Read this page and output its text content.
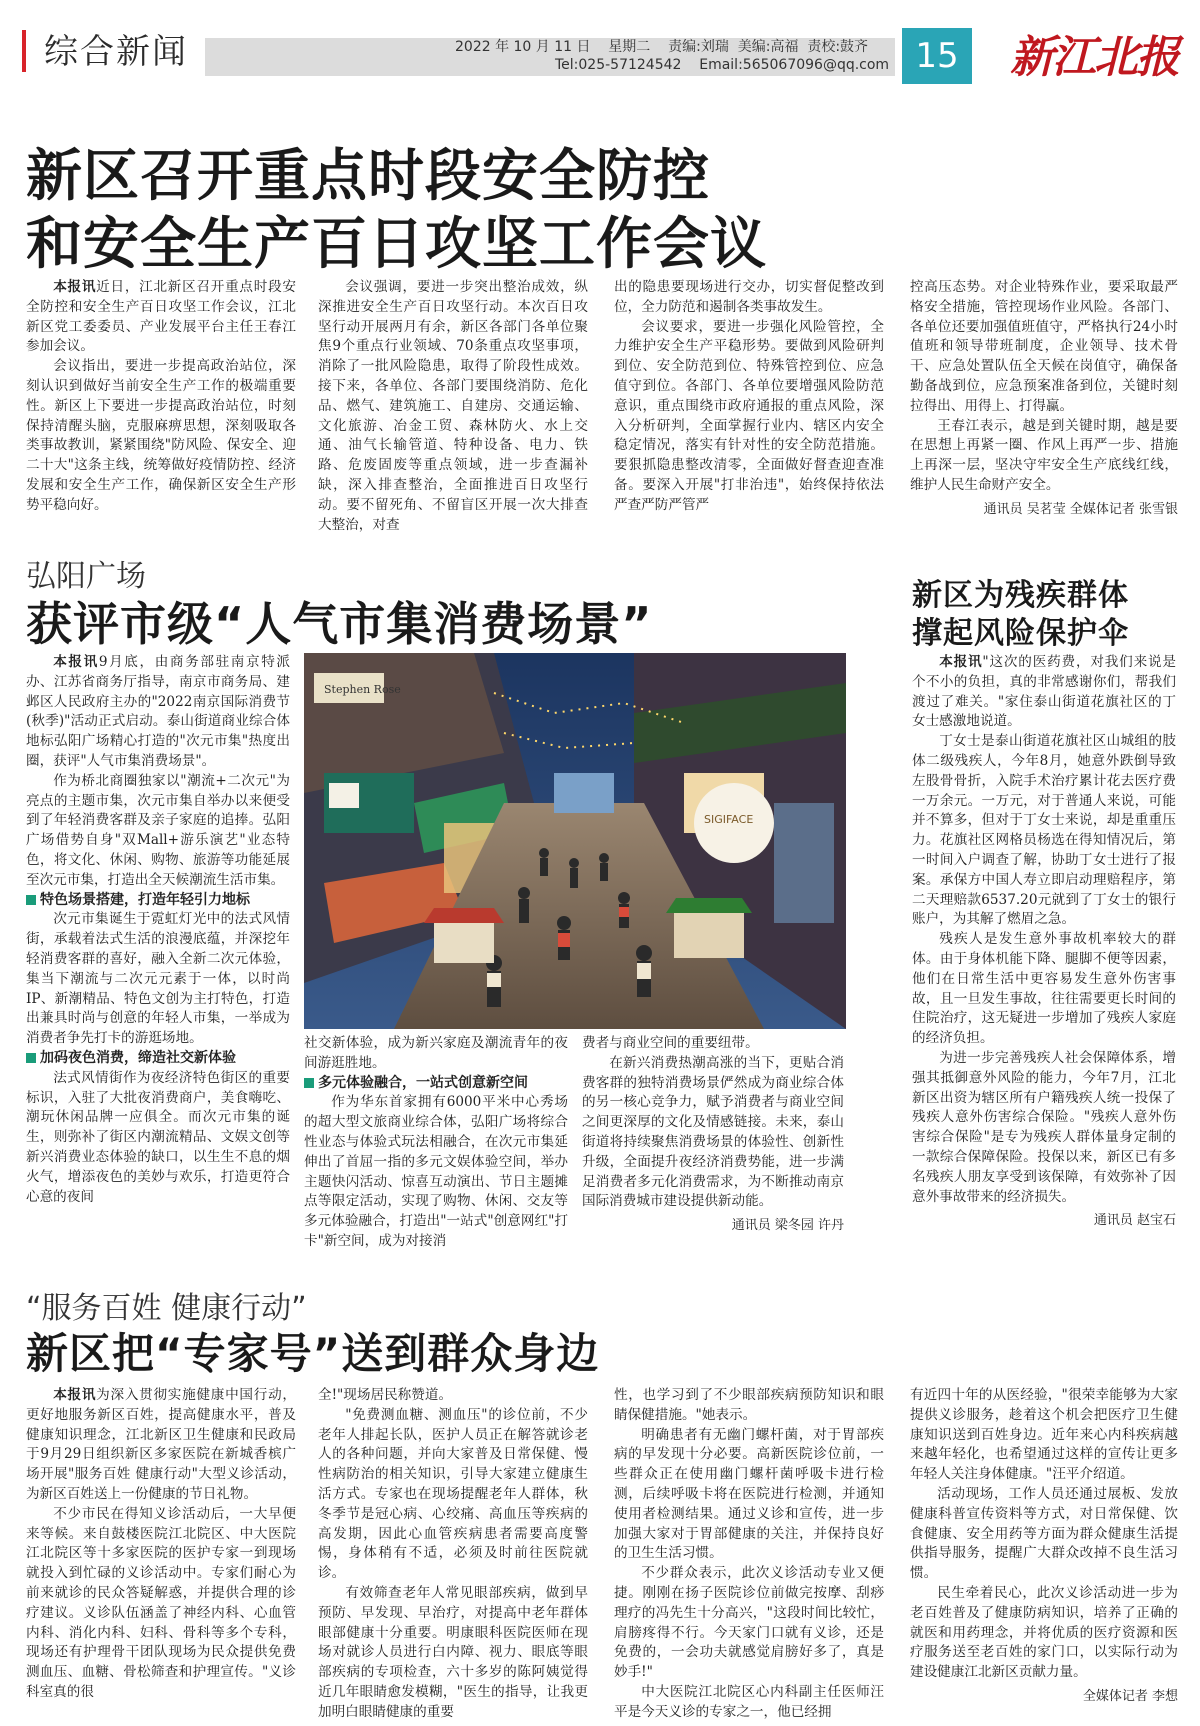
综合新闻	2022 年 10 月 11 日    星期二    责编:刘瑞  美编:高福  责校:鼓齐
Tel:025-57124542    Email:565067096@qq.com 15	新江北报
新区召开重点时段安全防控
和安全生产百日攻坚工作会议

本报讯近日，江北新区召开重点时段安全防控和安全生产百日攻坚工作会议，江北新区党工委委员、产业发展平台主任王春江参加会议。

会议指出，要进一步提高政治站位，深刻认识到做好当前安全生产工作的极端重要性。新区上下要进一步提高政治站位，时刻保持清醒头脑，克服麻痹思想，深刻吸取各类事故教训，紧紧围绕"防风险、保安全、迎二十大"这条主线，统筹做好疫情防控、经济发展和安全生产工作，确保新区安全生产形势平稳向好。

会议强调，要进一步突出整治成效，纵深推进安全生产百日攻坚行动。本次百日攻坚行动开展两月有余，新区各部门各单位聚焦9个重点行业领域、70条重点攻坚事项，消除了一批风险隐患，取得了阶段性成效。接下来，各单位、各部门要围绕消防、危化品、燃气、建筑施工、自建房、交通运输、文化旅游、冶金工贸、森林防火、水上交通、油气长输管道、特种设备、电力、铁路、危废固废等重点领域，进一步查漏补缺，深入排查整治，全面推进百日攻坚行动。要不留死角、不留盲区开展一次大排查大整治，对查

出的隐患要现场进行交办，切实督促整改到位，全力防范和遏制各类事故发生。

会议要求，要进一步强化风险管控，全力维护安全生产平稳形势。要做到风险研判到位、安全防范到位、特殊管控到位、应急值守到位。各部门、各单位要增强风险防范意识，重点围绕市政府通报的重点风险，深入分析研判，全面掌握行业内、辖区内安全稳定情况，落实有针对性的安全防范措施。要狠抓隐患整改清零，全面做好督查迎查准备。要深入开展"打非治违"，始终保持依法严查严防严管严

控高压态势。对企业特殊作业，要采取最严格安全措施，管控现场作业风险。各部门、各单位还要加强值班值守，严格执行24小时值班和领导带班制度，企业领导、技术骨干、应急处置队伍全天候在岗值守，确保备勤备战到位，应急预案准备到位，关键时刻拉得出、用得上、打得赢。

王春江表示，越是到关键时期，越是要在思想上再紧一圈、作风上再严一步、措施上再深一层，坚决守牢安全生产底线红线，维护人民生命财产安全。

通讯员 吴茗莹 全媒体记者 张雪银
弘阳广场
获评市级“人气市集消费场景”

本报讯9月底，由商务部驻南京特派办、江苏省商务厅指导，南京市商务局、建邺区人民政府主办的"2022南京国际消费节(秋季)"活动正式启动。泰山街道商业综合体地标弘阳广场精心打造的"次元市集"热度出圈，获评"人气市集消费场景"。

作为桥北商圈独家以"潮流+二次元"为亮点的主题市集，次元市集自举办以来便受到了年轻消费客群及亲子家庭的追捧。弘阳广场借势自身"双Mall+游乐演艺"业态特色，将文化、休闲、购物、旅游等功能延展至次元市集，打造出全天候潮流生活市集。

特色场景搭建，打造年轻引力地标

次元市集诞生于霓虹灯光中的法式风情街，承载着法式生活的浪漫底蕴，并深挖年轻消费客群的喜好，融入全新二次元体验，集当下潮流与二次元元素于一体，以时尚IP、新潮精品、特色文创为主打特色，打造出兼具时尚与创意的年轻人市集，一举成为消费者争先打卡的游逛场地。

加码夜色消费，缔造社交新体验

法式风情街作为夜经济特色街区的重要标识，入驻了大批夜消费商户，美食嗨吃、潮玩休闲品牌一应俱全。而次元市集的诞生，则弥补了街区内潮流精品、文娱文创等新兴消费业态体验的缺口，以生生不息的烟火气，增添夜色的美妙与欢乐，打造更符合心意的夜间

Stephen Rose
SIGIFACE

社交新体验，成为新兴家庭及潮流青年的夜间游逛胜地。

多元体验融合，一站式创意新空间

作为华东首家拥有6000平米中心秀场的超大型文旅商业综合体，弘阳广场将综合性业态与体验式玩法相融合，在次元市集延伸出了首屈一指的多元文娱体验空间，举办主题快闪活动、惊喜互动演出、节日主题摊点等限定活动，实现了购物、休闲、交友等多元体验融合，打造出"一站式"创意网红"打卡"新空间，成为对接消

费者与商业空间的重要纽带。

在新兴消费热潮高涨的当下，更贴合消费客群的独特消费场景俨然成为商业综合体的另一核心竞争力，赋予消费者与商业空间之间更深厚的文化及情感链接。未来，泰山街道将持续聚焦消费场景的体验性、创新性升级，全面提升夜经济消费势能，进一步满足消费者多元化消费需求，为不断推动南京国际消费城市建设提供新动能。

通讯员 梁冬园 许丹
新区为残疾群体
撑起风险保护伞

本报讯"这次的医药费，对我们来说是个不小的负担，真的非常感谢你们，帮我们渡过了难关。"家住泰山街道花旗社区的丁女士感激地说道。

丁女士是泰山街道花旗社区山城组的肢体二级残疾人，今年8月，她意外跌倒导致左股骨骨折，入院手术治疗累计花去医疗费一万余元。一万元，对于普通人来说，可能并不算多，但对于丁女士来说，却是重重压力。花旗社区网格员杨选在得知情况后，第一时间入户调查了解，协助丁女士进行了报案。承保方中国人寿立即启动理赔程序，第二天理赔款6537.20元就到了丁女士的银行账户，为其解了燃眉之急。

残疾人是发生意外事故机率较大的群体。由于身体机能下降、腿脚不便等因素，他们在日常生活中更容易发生意外伤害事故，且一旦发生事故，往往需要更长时间的住院治疗，这无疑进一步增加了残疾人家庭的经济负担。

为进一步完善残疾人社会保障体系，增强其抵御意外风险的能力，今年7月，江北新区出资为辖区所有户籍残疾人统一投保了残疾人意外伤害综合保险。"残疾人意外伤害综合保险"是专为残疾人群体量身定制的一款综合保障保险。投保以来，新区已有多名残疾人朋友享受到该保障，有效弥补了因意外事故带来的经济损失。

通讯员 赵宝石
“服务百姓 健康行动”
新区把“专家号”送到群众身边

本报讯为深入贯彻实施健康中国行动，更好地服务新区百姓，提高健康水平，普及健康知识理念，江北新区卫生健康和民政局于9月29日组织新区多家医院在新城香槟广场开展"服务百姓 健康行动"大型义诊活动，为新区百姓送上一份健康的节日礼物。

不少市民在得知义诊活动后，一大早便来等候。来自鼓楼医院江北院区、中大医院江北院区等十多家医院的医护专家一到现场就投入到忙碌的义诊活动中。专家们耐心为前来就诊的民众答疑解惑，并提供合理的诊疗建议。义诊队伍涵盖了神经内科、心血管内科、消化内科、妇科、骨科等多个专科，现场还有护理骨干团队现场为民众提供免费测血压、血糖、骨松筛查和护理宣传。"义诊科室真的很

全!"现场居民称赞道。

"免费测血糖、测血压"的诊位前，不少老年人排起长队，医护人员正在解答就诊老人的各种问题，并向大家普及日常保健、慢性病防治的相关知识，引导大家建立健康生活方式。专家也在现场提醒老年人群体，秋冬季节是冠心病、心绞痛、高血压等疾病的高发期，因此心血管疾病患者需要高度警惕，身体稍有不适，必须及时前往医院就诊。

有效筛查老年人常见眼部疾病，做到早预防、早发现、早治疗，对提高中老年群体眼部健康十分重要。明康眼科医院医师在现场对就诊人员进行白内障、视力、眼底等眼部疾病的专项检查，六十多岁的陈阿姨觉得近几年眼睛愈发模糊，"医生的指导，让我更加明白眼睛健康的重要

性，也学习到了不少眼部疾病预防知识和眼睛保健措施。"她表示。

明确患者有无幽门螺杆菌，对于胃部疾病的早发现十分必要。高新医院诊位前，一些群众正在使用幽门螺杆菌呼吸卡进行检测，后续呼吸卡将在医院进行检测，并通知使用者检测结果。通过义诊和宣传，进一步加强大家对于胃部健康的关注，并保持良好的卫生生活习惯。

不少群众表示，此次义诊活动专业又便捷。刚刚在扬子医院诊位前做完按摩、刮痧理疗的冯先生十分高兴，"这段时间比较忙，肩膀疼得不行。今天家门口就有义诊，还是免费的，一会功夫就感觉肩膀好多了，真是妙手!"

中大医院江北院区心内科副主任医师汪平是今天义诊的专家之一，他已经拥

有近四十年的从医经验，"很荣幸能够为大家提供义诊服务，趁着这个机会把医疗卫生健康知识送到百姓身边。近年来心内科疾病越来越年轻化，也希望通过这样的宣传让更多年轻人关注身体健康。"汪平介绍道。

活动现场，工作人员还通过展板、发放健康科普宣传资料等方式，对日常保健、饮食健康、安全用药等方面为群众健康生活提供指导服务，提醒广大群众改掉不良生活习惯。

民生牵着民心，此次义诊活动进一步为老百姓普及了健康防病知识，培养了正确的就医和用药理念，并将优质的医疗资源和医疗服务送至老百姓的家门口，以实际行动为建设健康江北新区贡献力量。

全媒体记者 李想
